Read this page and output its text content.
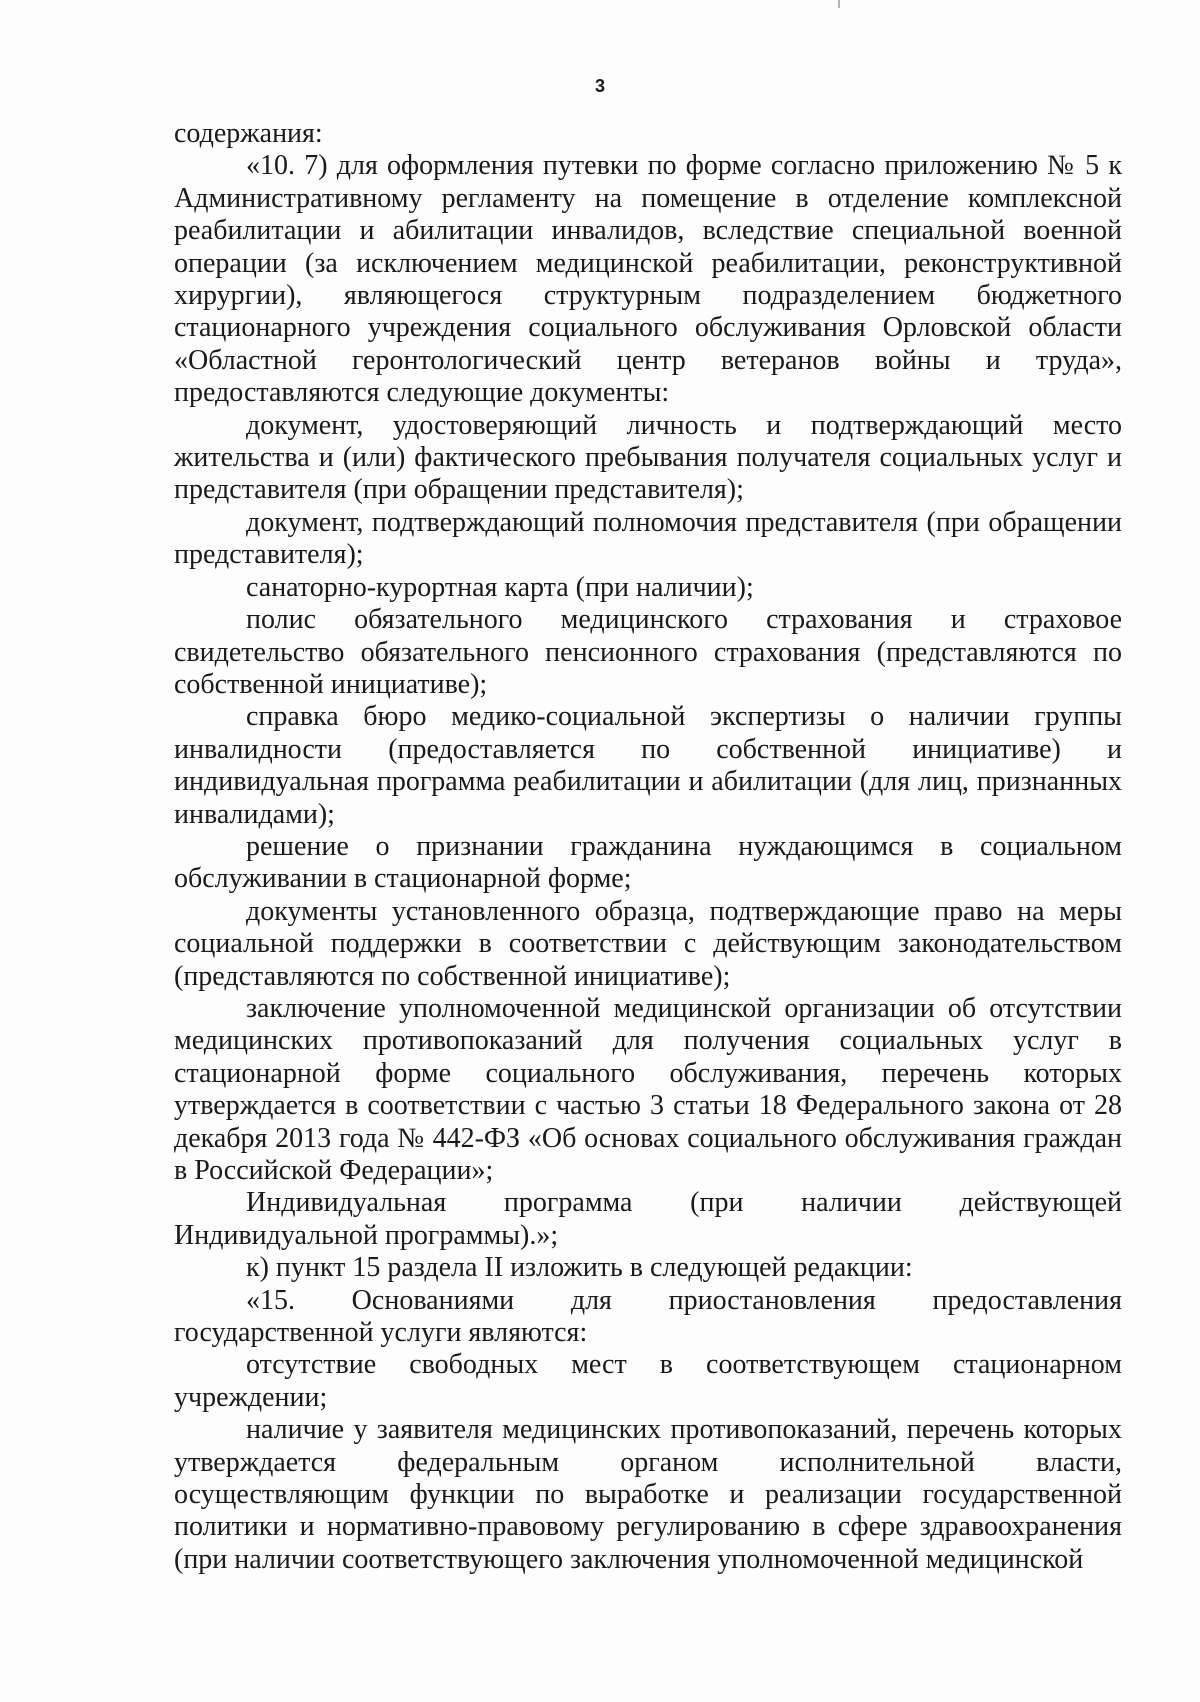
3

содержания:

«10. 7) для оформления путевки по форме согласно приложению № 5 к Административному регламенту на помещение в отделение комплексной реабилитации и абилитации инвалидов, вследствие специальной военной операции (за исключением медицинской реабилитации, реконструктивной хирургии), являющегося структурным подразделением бюджетного стационарного учреждения социального обслуживания Орловской области «Областной геронтологический центр ветеранов войны и труда», предоставляются следующие документы:

документ, удостоверяющий личность и подтверждающий место жительства и (или) фактического пребывания получателя социальных услуг и представителя (при обращении представителя);

документ, подтверждающий полномочия представителя (при обращении представителя);

санаторно-курортная карта (при наличии);

полис обязательного медицинского страхования и страховое свидетельство обязательного пенсионного страхования (представляются по собственной инициативе);

справка бюро медико-социальной экспертизы о наличии группы инвалидности (предоставляется по собственной инициативе) и индивидуальная программа реабилитации и абилитации (для лиц, признанных инвалидами);

решение о признании гражданина нуждающимся в социальном обслуживании в стационарной форме;

документы установленного образца, подтверждающие право на меры социальной поддержки в соответствии с действующим законодательством (представляются по собственной инициативе);

заключение уполномоченной медицинской организации об отсутствии медицинских противопоказаний для получения социальных услуг в стационарной форме социального обслуживания, перечень которых утверждается в соответствии с частью 3 статьи 18 Федерального закона от 28 декабря 2013 года № 442-ФЗ «Об основах социального обслуживания граждан в Российской Федерации»;

Индивидуальная программа (при наличии действующей Индивидуальной программы).»;

к) пункт 15 раздела II изложить в следующей редакции:

«15. Основаниями для приостановления предоставления государственной услуги являются:

отсутствие свободных мест в соответствующем стационарном учреждении;

наличие у заявителя медицинских противопоказаний, перечень которых утверждается федеральным органом исполнительной власти, осуществляющим функции по выработке и реализации государственной политики и нормативно-правовому регулированию в сфере здравоохранения (при наличии соответствующего заключения уполномоченной медицинской
